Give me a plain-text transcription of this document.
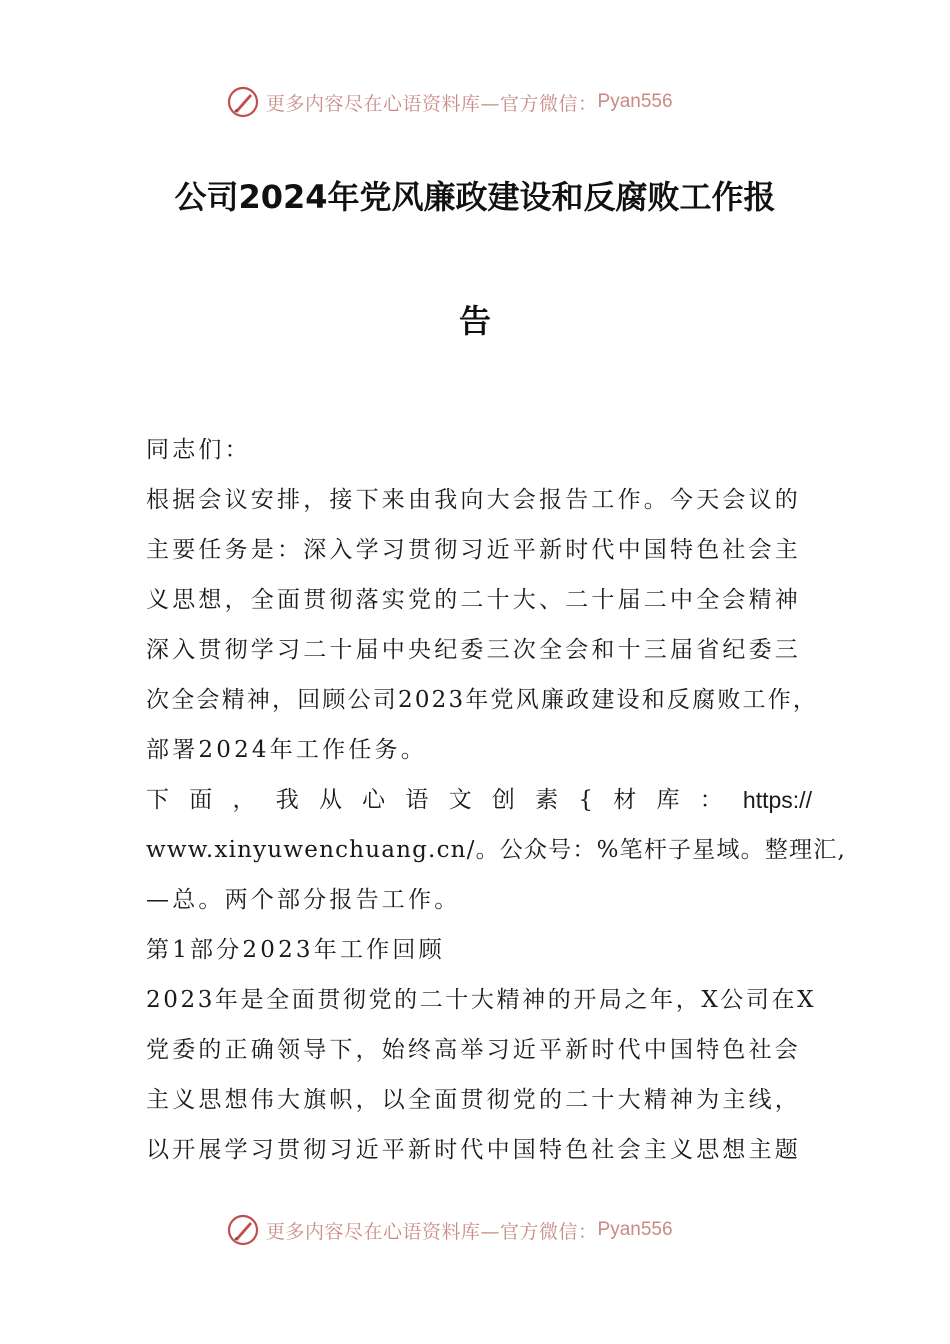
更多内容尽在心语资料库—官方微信： Pyan556
公司2024年党风廉政建设和反腐败工作报
告
同志们：
根据会议安排，接下来由我向大会报告工作。今天会议的
主要任务是：深入学习贯彻习近平新时代中国特色社会主
义思想，全面贯彻落实党的二十大、二十届二中全会精神
深入贯彻学习二十届中央纪委三次全会和十三届省纪委三
次全会精神，回顾公司2023年党风廉政建设和反腐败工作，
部署2024年工作任务。
下 面 ， 我 从 心 语 文 创 素 { 材 库 ： https://
www.xinyuwenchuang.cn/。公众号：%笔杆子星域。整理汇,
—总。两个部分报告工作。
第1部分2023年工作回顾
2023年是全面贯彻党的二十大精神的开局之年，X公司在X
党委的正确领导下，始终高举习近平新时代中国特色社会
主义思想伟大旗帜，以全面贯彻党的二十大精神为主线，
以开展学习贯彻习近平新时代中国特色社会主义思想主题
更多内容尽在心语资料库—官方微信： Pyan556
